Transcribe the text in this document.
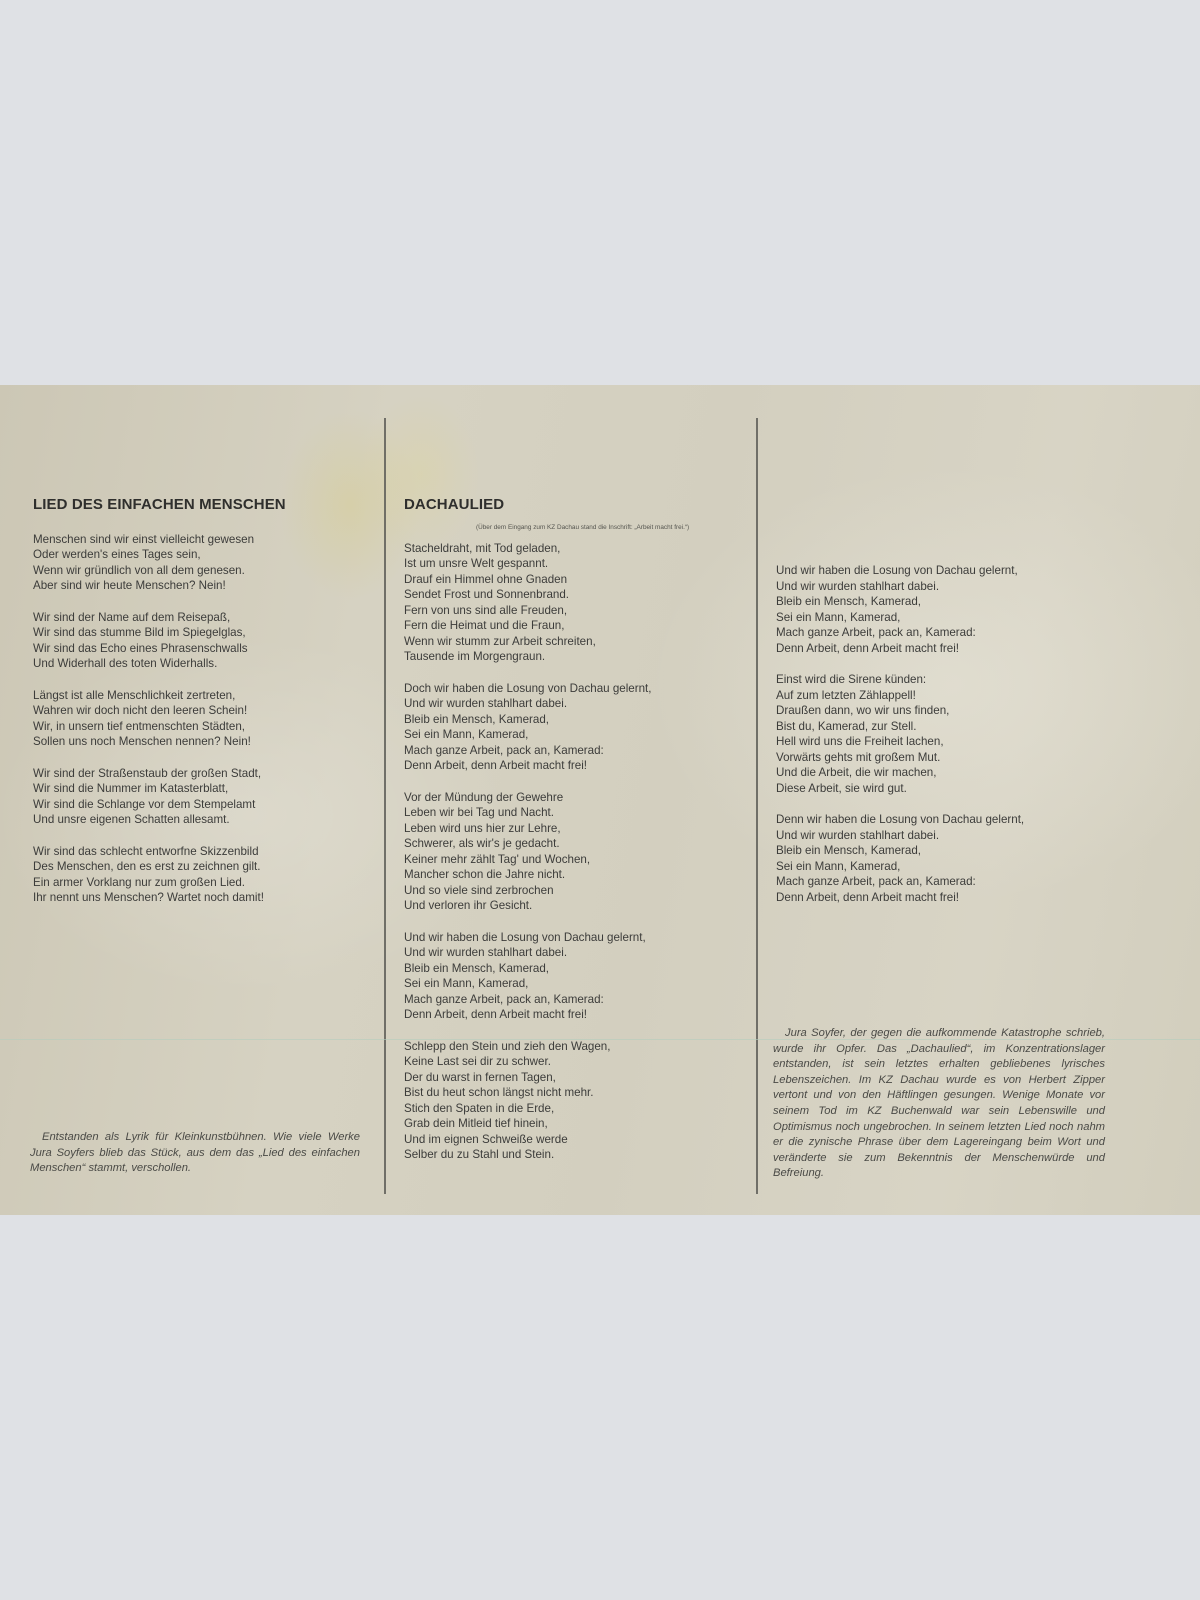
LIED DES EINFACHEN MENSCHEN
Menschen sind wir einst vielleicht gewesen
Oder werden's eines Tages sein,
Wenn wir gründlich von all dem genesen.
Aber sind wir heute Menschen? Nein!
Wir sind der Name auf dem Reisepaß,
Wir sind das stumme Bild im Spiegelglas,
Wir sind das Echo eines Phrasenschwalls
Und Widerhall des toten Widerhalls.
Längst ist alle Menschlichkeit zertreten,
Wahren wir doch nicht den leeren Schein!
Wir, in unsern tief entmenschten Städten,
Sollen uns noch Menschen nennen? Nein!
Wir sind der Straßenstaub der großen Stadt,
Wir sind die Nummer im Katasterblatt,
Wir sind die Schlange vor dem Stempelamt
Und unsre eigenen Schatten allesamt.
Wir sind das schlecht entworfne Skizzenbild
Des Menschen, den es erst zu zeichnen gilt.
Ein armer Vorklang nur zum großen Lied.
Ihr nennt uns Menschen? Wartet noch damit!

Entstanden als Lyrik für Kleinkunstbühnen. Wie viele Werke Jura Soyfers blieb das Stück, aus dem das „Lied des einfachen Menschen“ stammt, verschollen.

DACHAULIED
(Über dem Eingang zum KZ Dachau stand die Inschrift: „Arbeit macht frei.“)
Stacheldraht, mit Tod geladen,
Ist um unsre Welt gespannt.
Drauf ein Himmel ohne Gnaden
Sendet Frost und Sonnenbrand.
Fern von uns sind alle Freuden,
Fern die Heimat und die Fraun,
Wenn wir stumm zur Arbeit schreiten,
Tausende im Morgengraun.
Doch wir haben die Losung von Dachau gelernt,
Und wir wurden stahlhart dabei.
Bleib ein Mensch, Kamerad,
Sei ein Mann, Kamerad,
Mach ganze Arbeit, pack an, Kamerad:
Denn Arbeit, denn Arbeit macht frei!
Vor der Mündung der Gewehre
Leben wir bei Tag und Nacht.
Leben wird uns hier zur Lehre,
Schwerer, als wir's je gedacht.
Keiner mehr zählt Tag' und Wochen,
Mancher schon die Jahre nicht.
Und so viele sind zerbrochen
Und verloren ihr Gesicht.
Und wir haben die Losung von Dachau gelernt,
Und wir wurden stahlhart dabei.
Bleib ein Mensch, Kamerad,
Sei ein Mann, Kamerad,
Mach ganze Arbeit, pack an, Kamerad:
Denn Arbeit, denn Arbeit macht frei!
Schlepp den Stein und zieh den Wagen,
Keine Last sei dir zu schwer.
Der du warst in fernen Tagen,
Bist du heut schon längst nicht mehr.
Stich den Spaten in die Erde,
Grab dein Mitleid tief hinein,
Und im eignen Schweiße werde
Selber du zu Stahl und Stein.
Und wir haben die Losung von Dachau gelernt,
Und wir wurden stahlhart dabei.
Bleib ein Mensch, Kamerad,
Sei ein Mann, Kamerad,
Mach ganze Arbeit, pack an, Kamerad:
Denn Arbeit, denn Arbeit macht frei!
Einst wird die Sirene künden:
Auf zum letzten Zählappell!
Draußen dann, wo wir uns finden,
Bist du, Kamerad, zur Stell.
Hell wird uns die Freiheit lachen,
Vorwärts gehts mit großem Mut.
Und die Arbeit, die wir machen,
Diese Arbeit, sie wird gut.
Denn wir haben die Losung von Dachau gelernt,
Und wir wurden stahlhart dabei.
Bleib ein Mensch, Kamerad,
Sei ein Mann, Kamerad,
Mach ganze Arbeit, pack an, Kamerad:
Denn Arbeit, denn Arbeit macht frei!

Jura Soyfer, der gegen die aufkommende Katastrophe schrieb, wurde ihr Opfer. Das „Dachaulied“, im Konzentrationslager entstanden, ist sein letztes erhalten gebliebenes lyrisches Lebenszeichen. Im KZ Dachau wurde es von Herbert Zipper vertont und von den Häftlingen gesungen. Wenige Monate vor seinem Tod im KZ Buchenwald war sein Lebenswille und Optimismus noch ungebrochen. In seinem letzten Lied noch nahm er die zynische Phrase über dem Lagereingang beim Wort und veränderte sie zum Bekenntnis der Menschenwürde und Befreiung.
